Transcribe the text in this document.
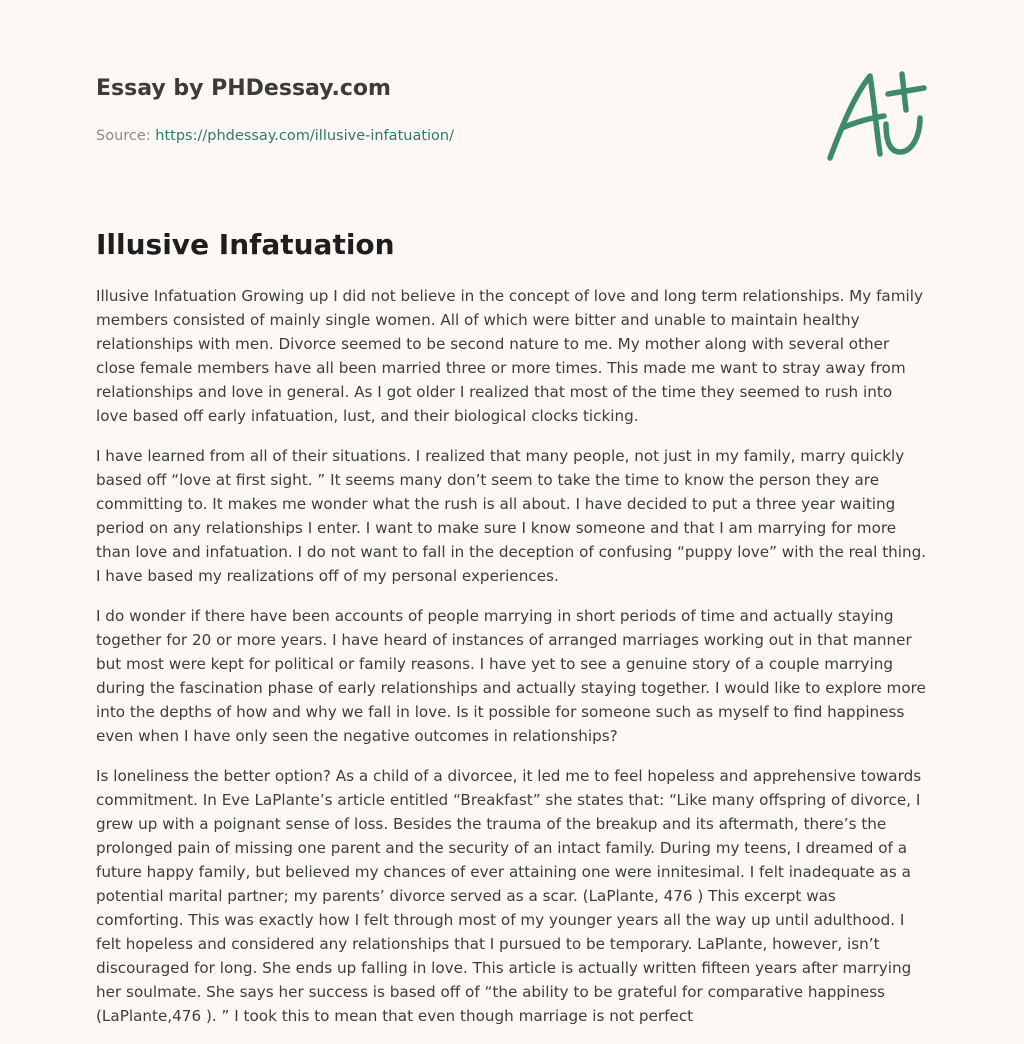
Essay by PHDessay.com

Source: https://phdessay.com/illusive-infatuation/
Illusive Infatuation

Illusive Infatuation Growing up I did not believe in the concept of love and long term relationships. My family members consisted of mainly single women. All of which were bitter and unable to maintain healthy relationships with men. Divorce seemed to be second nature to me. My mother along with several other close female members have all been married three or more times. This made me want to stray away from relationships and love in general. As I got older I realized that most of the time they seemed to rush into love based off early infatuation, lust, and their biological clocks ticking.

I have learned from all of their situations. I realized that many people, not just in my family, marry quickly based off “love at first sight. ” It seems many don’t seem to take the time to know the person they are committing to. It makes me wonder what the rush is all about. I have decided to put a three year waiting period on any relationships I enter. I want to make sure I know someone and that I am marrying for more than love and infatuation. I do not want to fall in the deception of confusing “puppy love” with the real thing. I have based my realizations off of my personal experiences.

I do wonder if there have been accounts of people marrying in short periods of time and actually staying together for 20 or more years. I have heard of instances of arranged marriages working out in that manner but most were kept for political or family reasons. I have yet to see a genuine story of a couple marrying during the fascination phase of early relationships and actually staying together. I would like to explore more into the depths of how and why we fall in love. Is it possible for someone such as myself to find happiness even when I have only seen the negative outcomes in relationships?

Is loneliness the better option? As a child of a divorcee, it led me to feel hopeless and apprehensive towards commitment. In Eve LaPlante’s article entitled “Breakfast” she states that: “Like many offspring of divorce, I grew up with a poignant sense of loss. Besides the trauma of the breakup and its aftermath, there’s the prolonged pain of missing one parent and the security of an intact family. During my teens, I dreamed of a future happy family, but believed my chances of ever attaining one were innitesimal. I felt inadequate as a potential marital partner; my parents’ divorce served as a scar. (LaPlante, 476 ) This excerpt was comforting. This was exactly how I felt through most of my younger years all the way up until adulthood. I felt hopeless and considered any relationships that I pursued to be temporary. LaPlante, however, isn’t discouraged for long. She ends up falling in love. This article is actually written fifteen years after marrying her soulmate. She says her success is based off of “the ability to be grateful for comparative happiness (LaPlante,476 ). ” I took this to mean that even though marriage is not perfect
